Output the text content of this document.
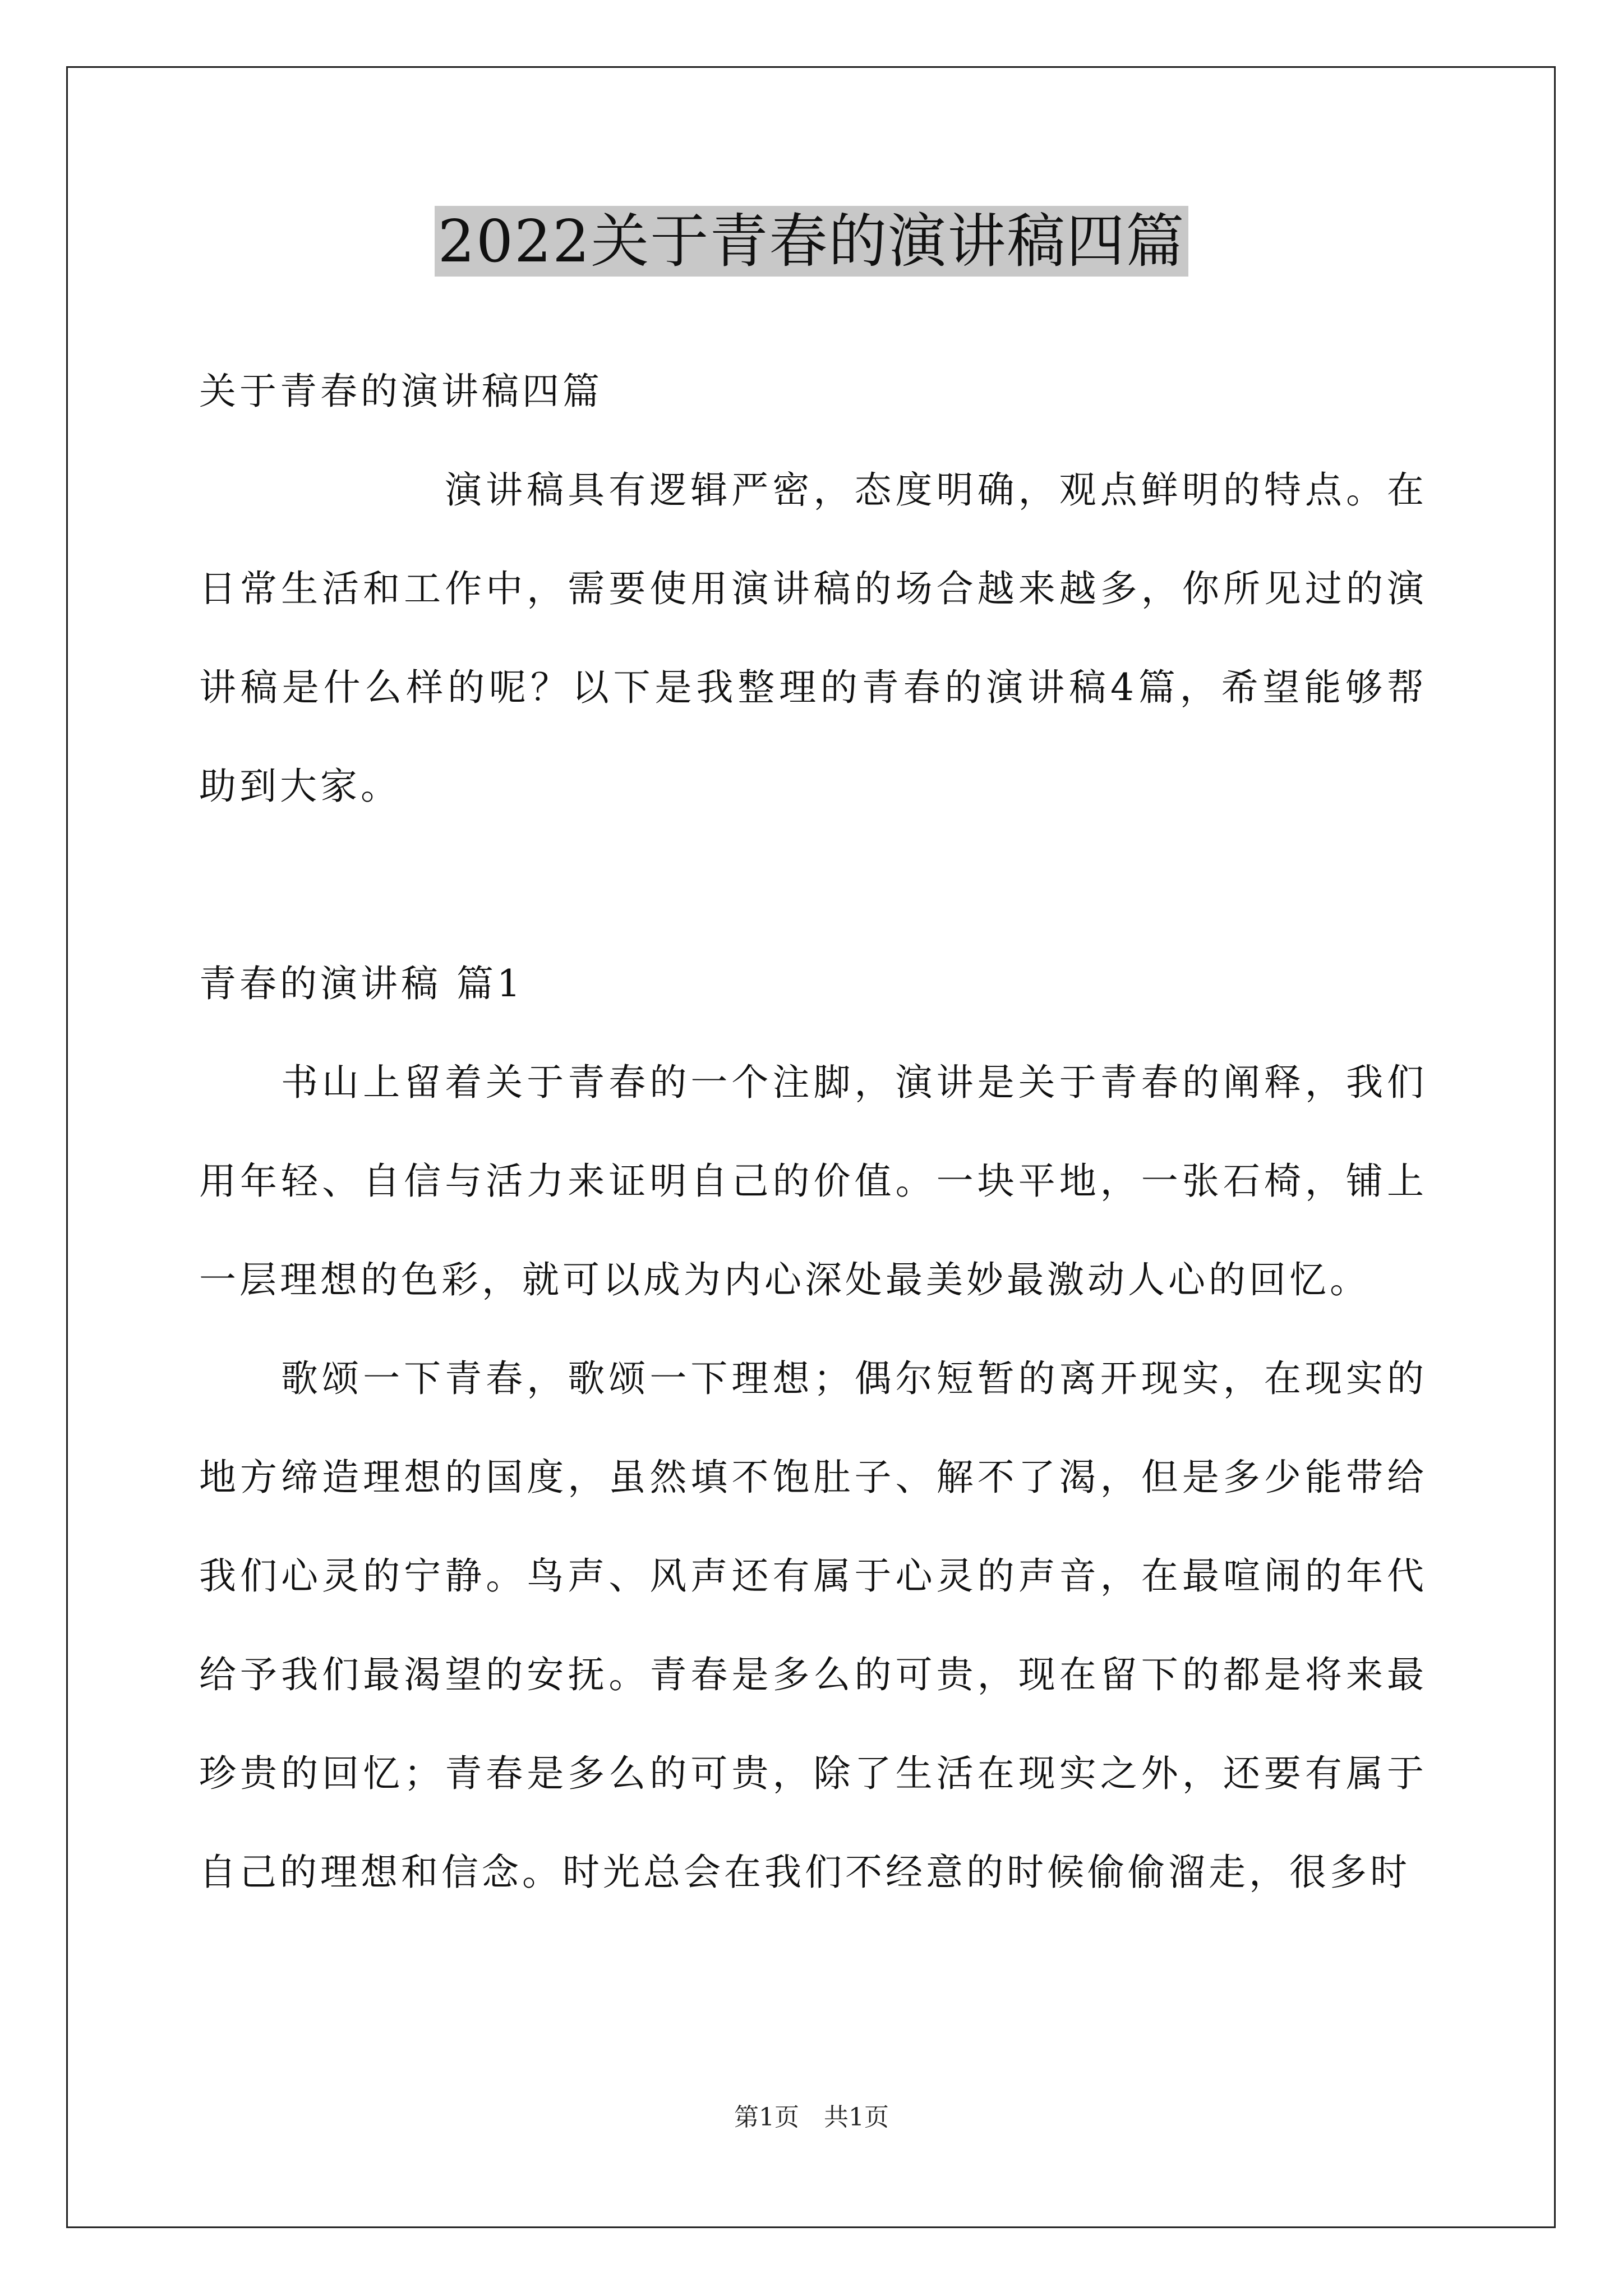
2022关于青春的演讲稿四篇

关于青春的演讲稿四篇

演讲稿具有逻辑严密，态度明确，观点鲜明的特点。在日常生活和工作中，需要使用演讲稿的场合越来越多，你所见过的演讲稿是什么样的呢？以下是我整理的青春的演讲稿4篇，希望能够帮助到大家。

青春的演讲稿 篇1

书山上留着关于青春的一个注脚，演讲是关于青春的阐释，我们用年轻、自信与活力来证明自己的价值。一块平地，一张石椅，铺上一层理想的色彩，就可以成为内心深处最美妙最激动人心的回忆。

歌颂一下青春，歌颂一下理想；偶尔短暂的离开现实，在现实的地方缔造理想的国度，虽然填不饱肚子、解不了渴，但是多少能带给我们心灵的宁静。鸟声、风声还有属于心灵的声音，在最喧闹的年代给予我们最渴望的安抚。青春是多么的可贵，现在留下的都是将来最珍贵的回忆；青春是多么的可贵，除了生活在现实之外，还要有属于自己的理想和信念。时光总会在我们不经意的时候偷偷溜走，很多时

第1页　共1页
